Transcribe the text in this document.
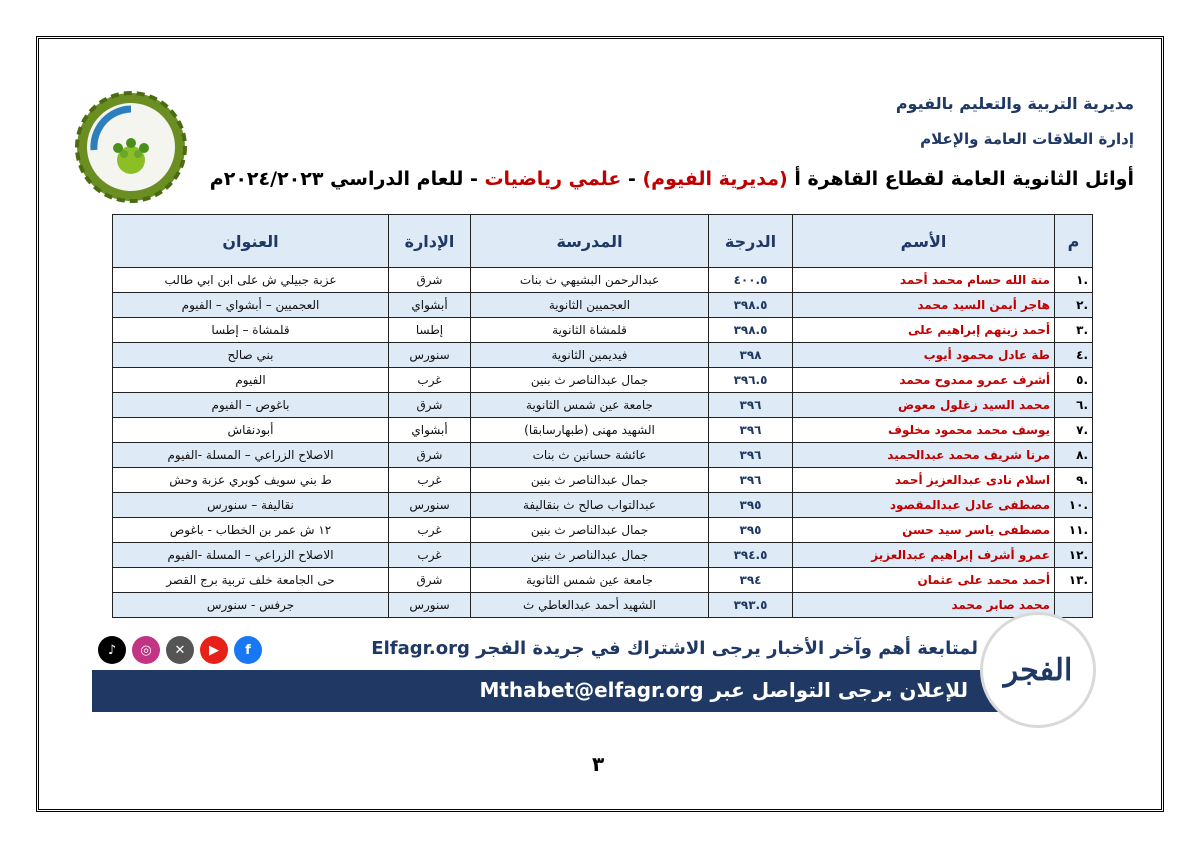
مديرية التربية والتعليم بالفيوم
إدارة العلاقات العامة والإعلام
أوائل الثانوية العامة لقطاع القاهرة أ (مديرية الفيوم) - علمي رياضيات - للعام الدراسي ٢٠٢٤/٢٠٢٣م
م	الأسم	الدرجة	المدرسة	الإدارة	العنوان
.١	منة الله حسام محمد أحمد	٤٠٠.٥	عبدالرحمن البشيهي ث بنات	شرق	عزبة جبيلي ش على ابن ابي طالب
.٢	هاجر أيمن السيد محمد	٣٩٨.٥	العجميين الثانوية	أبشواي	العجميين – أبشواي – الفيوم
.٣	أحمد زينهم إبراهيم على	٣٩٨.٥	قلمشاة الثانوية	إطسا	قلمشاة – إطسا
.٤	طة عادل محمود أيوب	٣٩٨	فيديمين الثانوية	سنورس	بني صالح
.٥	أشرف عمرو ممدوح محمد	٣٩٦.٥	جمال عبدالناصر ث بنين	غرب	الفيوم
.٦	محمد السيد زغلول معوض	٣٩٦	جامعة عين شمس الثانوية	شرق	باغوص – الفيوم
.٧	يوسف محمد محمود مخلوف	٣٩٦	الشهيد مهنى (طبهارسابقا)	أبشواي	أبودنقاش
.٨	مرنا شريف محمد عبدالحميد	٣٩٦	عائشة حسانين ث بنات	شرق	الاصلاح الزراعي – المسلة -الفيوم
.٩	اسلام نادى عبدالعزيز أحمد	٣٩٦	جمال عبدالناصر ث بنين	غرب	ط بني سويف كوبري عزبة وحش
.١٠	مصطفى عادل عبدالمقصود	٣٩٥	عبدالتواب صالح ث بنقاليفة	سنورس	نقاليفة – سنورس
.١١	مصطفى ياسر سيد حسن	٣٩٥	جمال عبدالناصر ث بنين	غرب	١٢ ش عمر بن الخطاب - باغوص
.١٢	عمرو أشرف إبراهيم عبدالعزيز	٣٩٤.٥	جمال عبدالناصر ث بنين	غرب	الاصلاح الزراعي – المسلة -الفيوم
.١٣	أحمد محمد على عثمان	٣٩٤	جامعة عين شمس الثانوية	شرق	حى الجامعة خلف تربية برج القصر
	محمد صابر محمد	٣٩٣.٥	الشهيد أحمد عبدالعاطي ث	سنورس	جرفس - سنورس
♪	◎	✕	▶	f	لمتابعة أهم وآخر الأخبار يرجى الاشتراك في جريدة الفجر Elfagr.org
للإعلان يرجى التواصل عبر Mthabet@elfagr.org
الفجر
٣
